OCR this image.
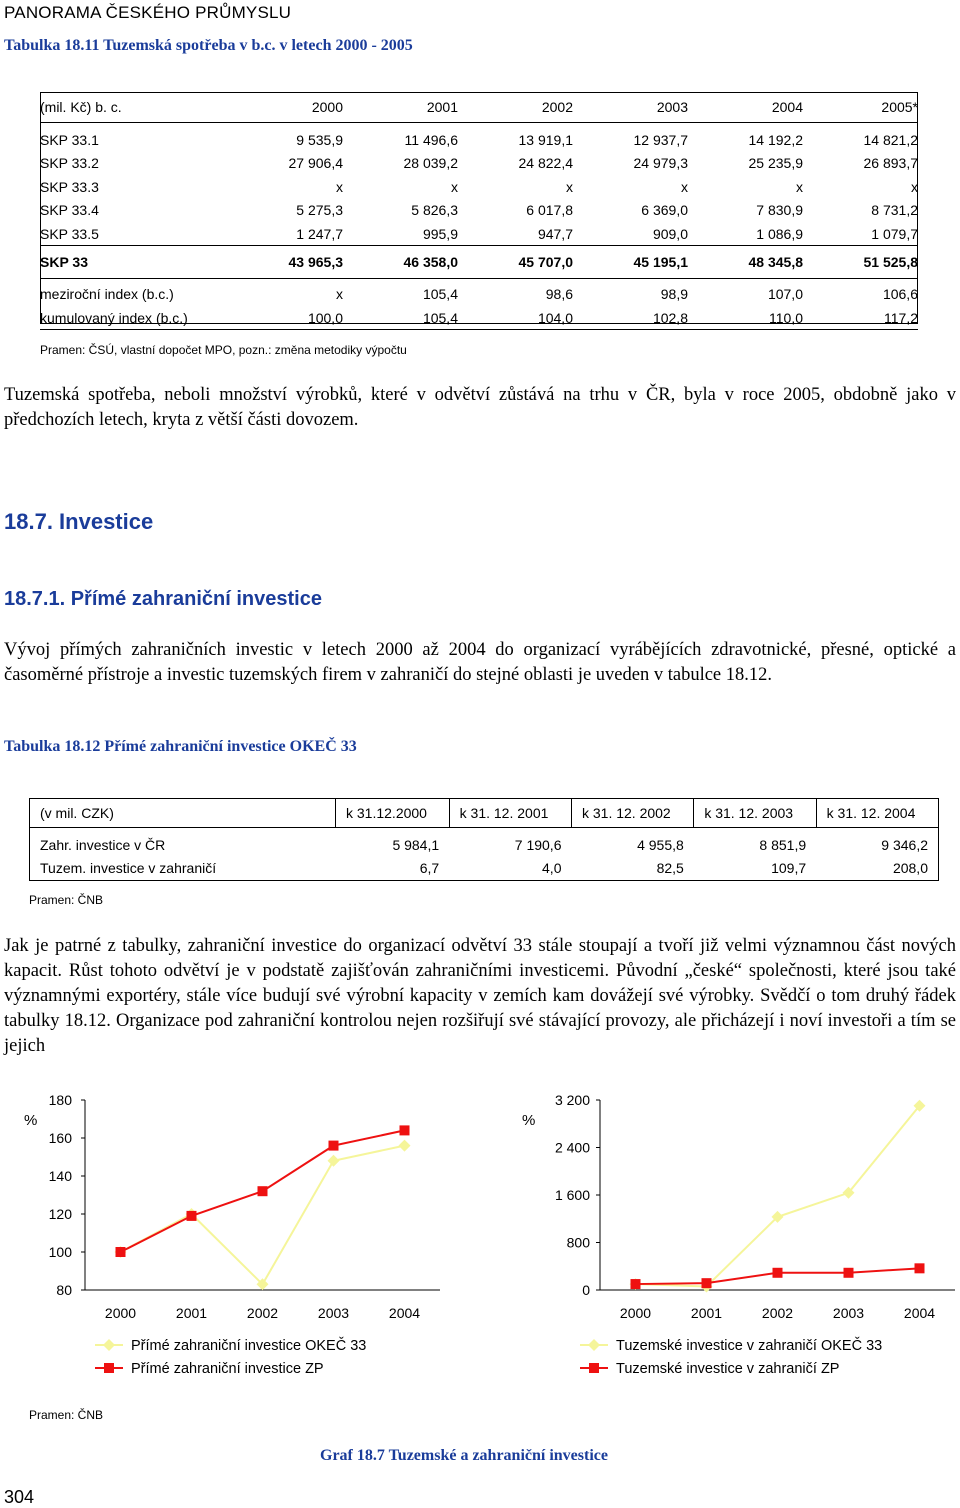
PANORAMA ČESKÉHO PRŮMYSLU
Tabulka 18.11 Tuzemská spotřeba v b.c. v letech 2000 - 2005
(mil. Kč) b. c.	2000	2001	2002	2003	2004	2005*

SKP 33.1	9 535,9	11 496,6	13 919,1	12 937,7	14 192,2	14 821,2
SKP 33.2	27 906,4	28 039,2	24 822,4	24 979,3	25 235,9	26 893,7
SKP 33.3	x	x	x	x	x	x
SKP 33.4	5 275,3	5 826,3	6 017,8	6 369,0	7 830,9	8 731,2
SKP 33.5	1 247,7	995,9	947,7	909,0	1 086,9	1 079,7
SKP 33	43 965,3	46 358,0	45 707,0	45 195,1	48 345,8	51 525,8

meziroční index (b.c.)	x	105,4	98,6	98,9	107,0	106,6
kumulovaný index (b.c.)	100,0	105,4	104,0	102,8	110,0	117,2
Pramen: ČSÚ, vlastní dopočet MPO, pozn.: změna metodiky výpočtu
Tuzemská spotřeba, neboli množství výrobků, které v odvětví zůstává na trhu v ČR, byla v roce 2005, obdobně jako v předchozích letech, kryta z větší části dovozem.
18.7. Investice
18.7.1. Přímé zahraniční investice
Vývoj přímých zahraničních investic v letech 2000 až 2004 do organizací vyrábějících zdravotnické, přesné, optické a časoměrné přístroje a investic tuzemských firem v zahraničí do stejné oblasti je uveden v tabulce 18.12.
Tabulka 18.12 Přímé zahraniční investice OKEČ 33
(v mil. CZK)	k 31.12.2000	k 31. 12. 2001	k 31. 12. 2002	k 31. 12. 2003	k 31. 12. 2004

Zahr. investice v ČR	5 984,1	7 190,6	4 955,8	8 851,9	9 346,2
Tuzem. investice v zahraničí	6,7	4,0	82,5	109,7	208,0
Pramen: ČNB
Jak je patrné z tabulky, zahraniční investice do organizací odvětví 33 stále stoupají a tvoří již velmi významnou část nových kapacit. Růst tohoto odvětví je v podstatě zajišťován zahraničními investicemi. Původní „české“ společnosti, které jsou také významnými exportéry, stále více budují své výrobní kapacity v zemích kam dovážejí své výrobky. Svědčí o tom druhý řádek tabulky 18.12. Organizace pod zahraniční kontrolou nejen rozšiřují své stávající provozy, ale přicházejí i noví investoři a tím se jejich
80
100
120
140
160
180
%
2000	2001	2002	2003	2004
Přímé zahraniční investice OKEČ 33
Přímé zahraniční investice ZP
0
800
1 600
2 400
3 200
%
2000	2001	2002	2003	2004
Tuzemské investice v zahraničí OKEČ 33
Tuzemské investice v zahraničí ZP
Pramen: ČNB
Graf 18.7 Tuzemské a zahraniční investice
304
